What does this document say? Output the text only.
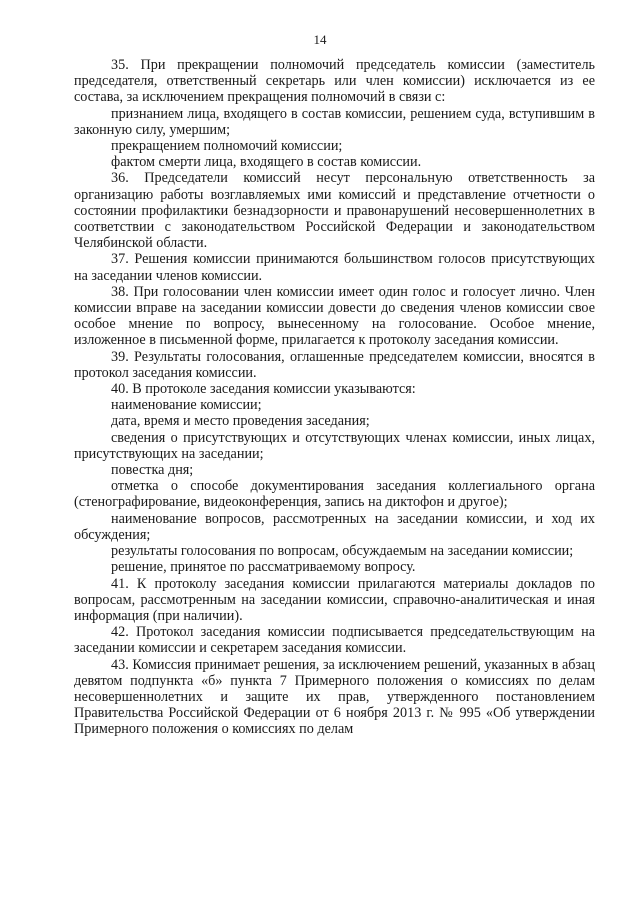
14

35. При прекращении полномочий председатель комиссии (заместитель председателя, ответственный секретарь или член комиссии) исключается из ее состава, за исключением прекращения полномочий в связи с:

признанием лица, входящего в состав комиссии, решением суда, вступившим в законную силу, умершим;

прекращением полномочий комиссии;

фактом смерти лица, входящего в состав комиссии.

36. Председатели комиссий несут персональную ответственность за организацию работы возглавляемых ими комиссий и представление отчетности о состоянии профилактики безнадзорности и правонарушений несовершеннолетних в соответствии с законодательством Российской Федерации и законодательством Челябинской области.

37. Решения комиссии принимаются большинством голосов присутствующих на заседании членов комиссии.

38. При голосовании член комиссии имеет один голос и голосует лично. Член комиссии вправе на заседании комиссии довести до сведения членов комиссии свое особое мнение по вопросу, вынесенному на голосование. Особое мнение, изложенное в письменной форме, прилагается к протоколу заседания комиссии.

39. Результаты голосования, оглашенные председателем комиссии, вносятся в протокол заседания комиссии.

40. В протоколе заседания комиссии указываются:

наименование комиссии;

дата, время и место проведения заседания;

сведения о присутствующих и отсутствующих членах комиссии, иных лицах, присутствующих на заседании;

повестка дня;

отметка о способе документирования заседания коллегиального органа (стенографирование, видеоконференция, запись на диктофон и другое);

наименование вопросов, рассмотренных на заседании комиссии, и ход их обсуждения;

результаты голосования по вопросам, обсуждаемым на заседании комиссии;

решение, принятое по рассматриваемому вопросу.

41. К протоколу заседания комиссии прилагаются материалы докладов по вопросам, рассмотренным на заседании комиссии, справочно-аналитическая и иная информация (при наличии).

42. Протокол заседания комиссии подписывается председательствующим на заседании комиссии и секретарем заседания комиссии.

43. Комиссия принимает решения, за исключением решений, указанных в абзац девятом подпункта «б» пункта 7 Примерного положения о комиссиях по делам несовершеннолетних и защите их прав, утвержденного постановлением Правительства Российской Федерации от 6 ноября 2013 г. № 995 «Об утверждении Примерного положения о комиссиях по делам
